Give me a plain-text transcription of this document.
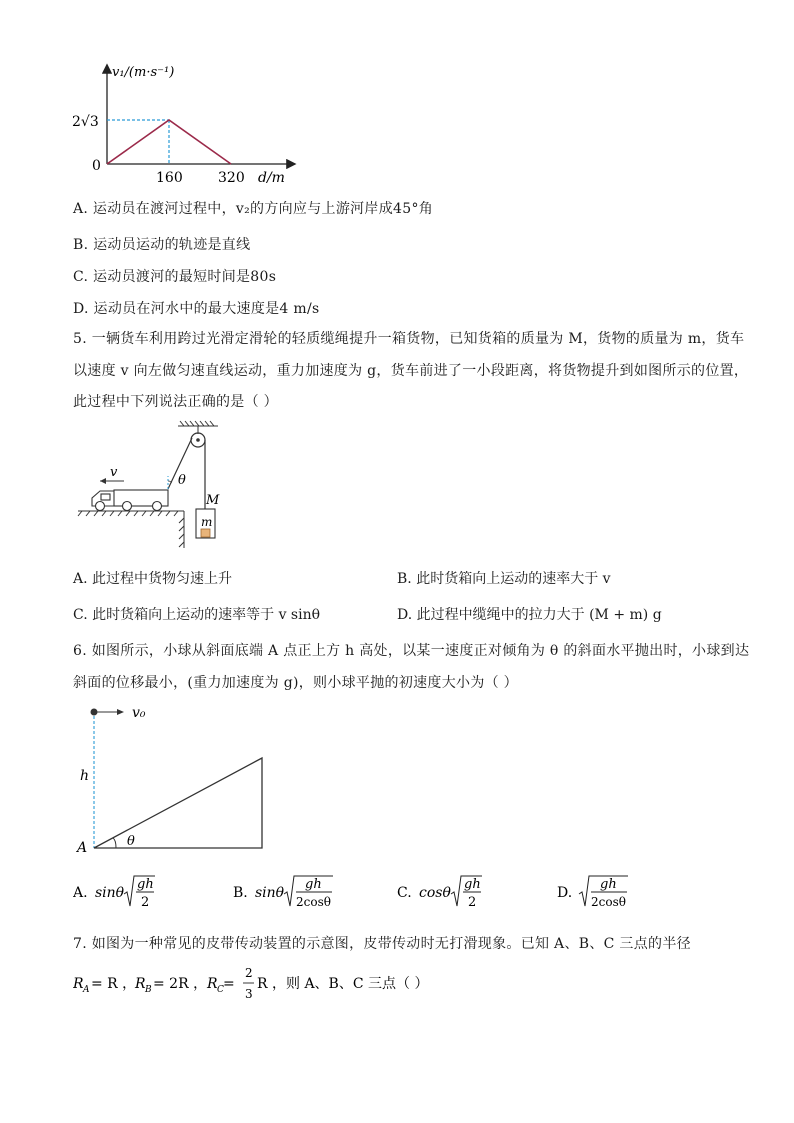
v₁/(m·s⁻¹)
2√3
0
160	320 d/m
A. 运动员在渡河过程中，v₂的方向应与上游河岸成45°角
B. 运动员运动的轨迹是直线
C. 运动员渡河的最短时间是80s
D. 运动员在河水中的最大速度是4 m/s
5. 一辆货车利用跨过光滑定滑轮的轻质缆绳提升一箱货物，已知货箱的质量为 M，货物的质量为 m，货车
以速度 v 向左做匀速直线运动，重力加速度为 g，货车前进了一小段距离，将货物提升到如图所示的位置，
此过程中下列说法正确的是（ ）
θ
v
M
m
A. 此过程中货物匀速上升	B. 此时货箱向上运动的速率大于 v
C. 此时货箱向上运动的速率等于 v sinθ	D. 此过程中缆绳中的拉力大于 (M + m) g
6. 如图所示，小球从斜面底端 A 点正上方 h 高处，以某一速度正对倾角为 θ 的斜面水平抛出时，小球到达
斜面的位移最小，(重力加速度为 g)，则小球平抛的初速度大小为（ ）
v₀
h
θ
A
A. sinθ
gh
2
B. sinθ
gh
2cosθ
C. cosθ
gh
2
D.
gh
2cosθ
7. 如图为一种常见的皮带传动装置的示意图，皮带传动时无打滑现象。已知 A、B、C 三点的半径
R A = R ，
R B = 2R ， R C =
2
3
R ，则 A、B、C 三点（ ）
